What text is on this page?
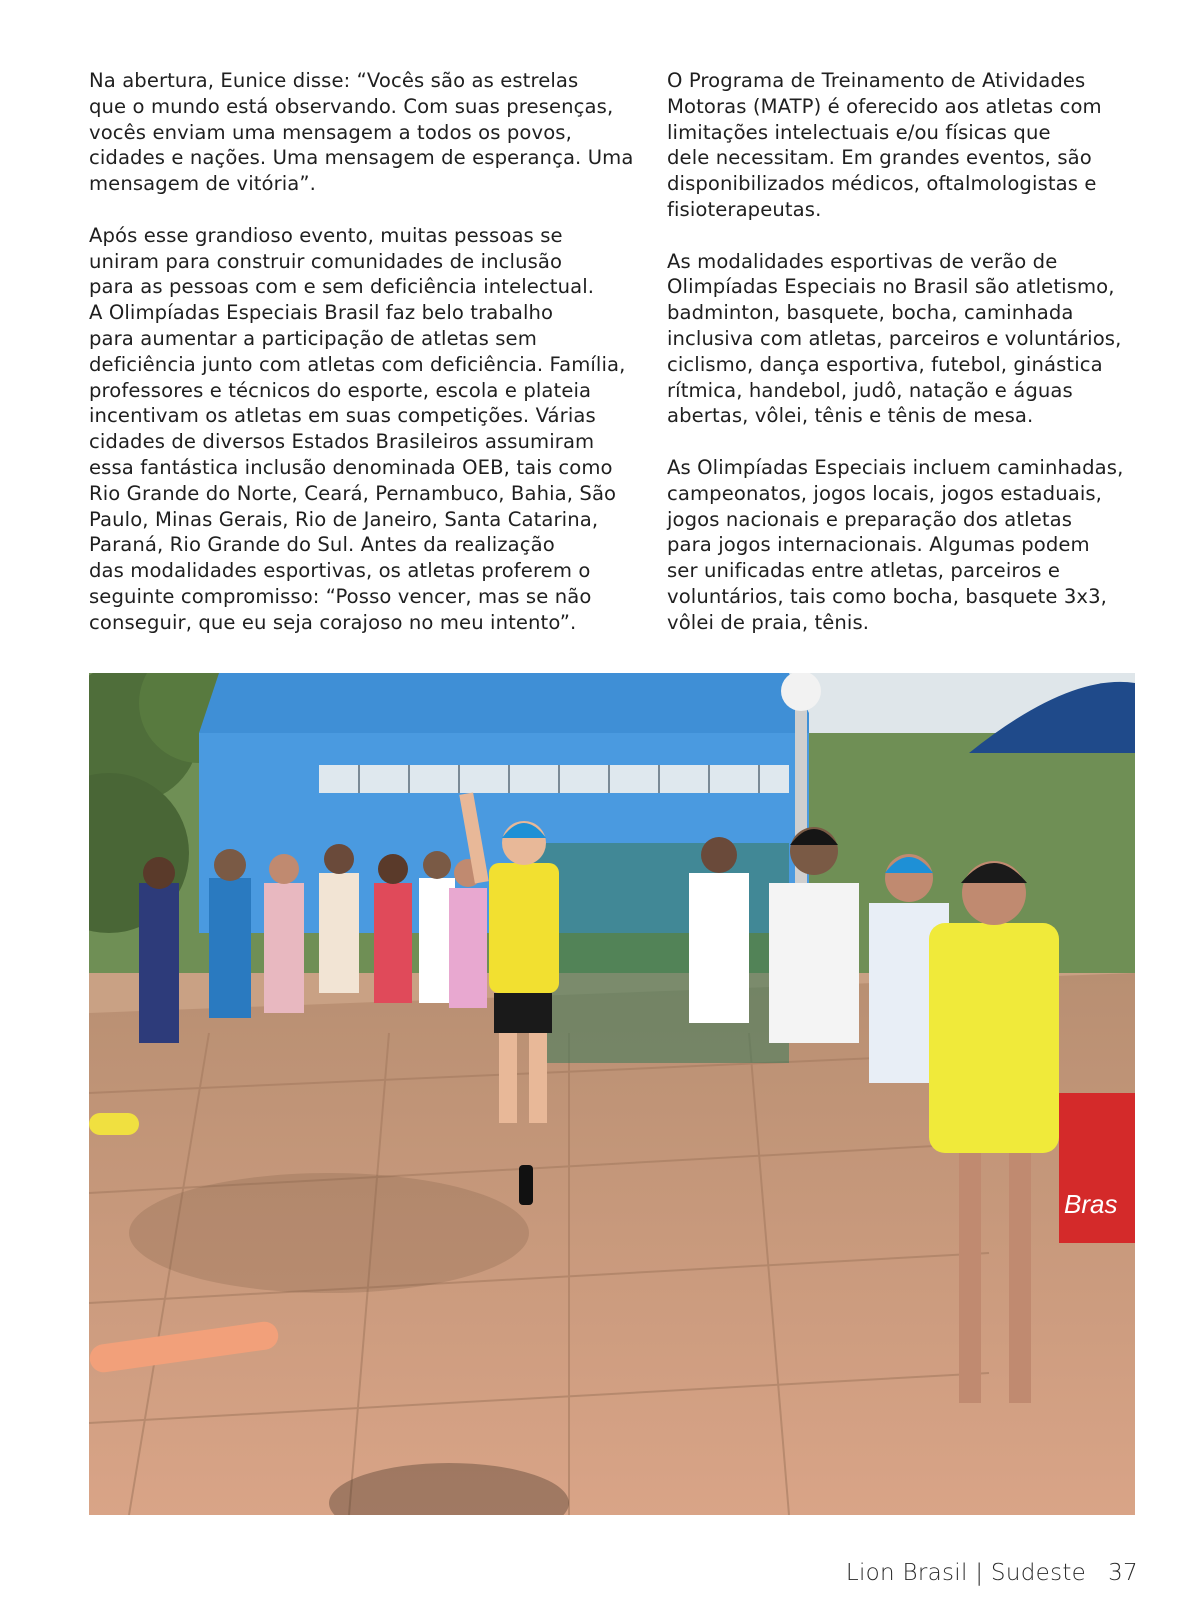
Na abertura, Eunice disse: “Vocês são as estrelas
que o mundo está observando. Com suas presenças,
vocês enviam uma mensagem a todos os povos,
cidades e nações. Uma mensagem de esperança. Uma
mensagem de vitória”.

Após esse grandioso evento, muitas pessoas se
uniram para construir comunidades de inclusão
para as pessoas com e sem deficiência intelectual.
A Olimpíadas Especiais Brasil faz belo trabalho
para aumentar a participação de atletas sem
deficiência junto com atletas com deficiência. Família,
professores e técnicos do esporte, escola e plateia
incentivam os atletas em suas competições. Várias
cidades de diversos Estados Brasileiros assumiram
essa fantástica inclusão denominada OEB, tais como
Rio Grande do Norte, Ceará, Pernambuco, Bahia, São
Paulo, Minas Gerais, Rio de Janeiro, Santa Catarina,
Paraná, Rio Grande do Sul. Antes da realização
das modalidades esportivas, os atletas proferem o
seguinte compromisso: “Posso vencer, mas se não
conseguir, que eu seja corajoso no meu intento”.

O Programa de Treinamento de Atividades
Motoras (MATP) é oferecido aos atletas com
limitações intelectuais e/ou físicas que
dele necessitam. Em grandes eventos, são
disponibilizados médicos, oftalmologistas e
fisioterapeutas.

As modalidades esportivas de verão de
Olimpíadas Especiais no Brasil são atletismo,
badminton, basquete, bocha, caminhada
inclusiva com atletas, parceiros e voluntários,
ciclismo, dança esportiva, futebol, ginástica
rítmica, handebol, judô, natação e águas
abertas, vôlei, tênis e tênis de mesa.

As Olimpíadas Especiais incluem caminhadas,
campeonatos, jogos locais, jogos estaduais,
jogos nacionais e preparação dos atletas
para jogos internacionais. Algumas podem
ser unificadas entre atletas, parceiros e
voluntários, tais como bocha, basquete 3x3,
vôlei de praia, tênis.

Bras
Lion Brasil | Sudeste 37
